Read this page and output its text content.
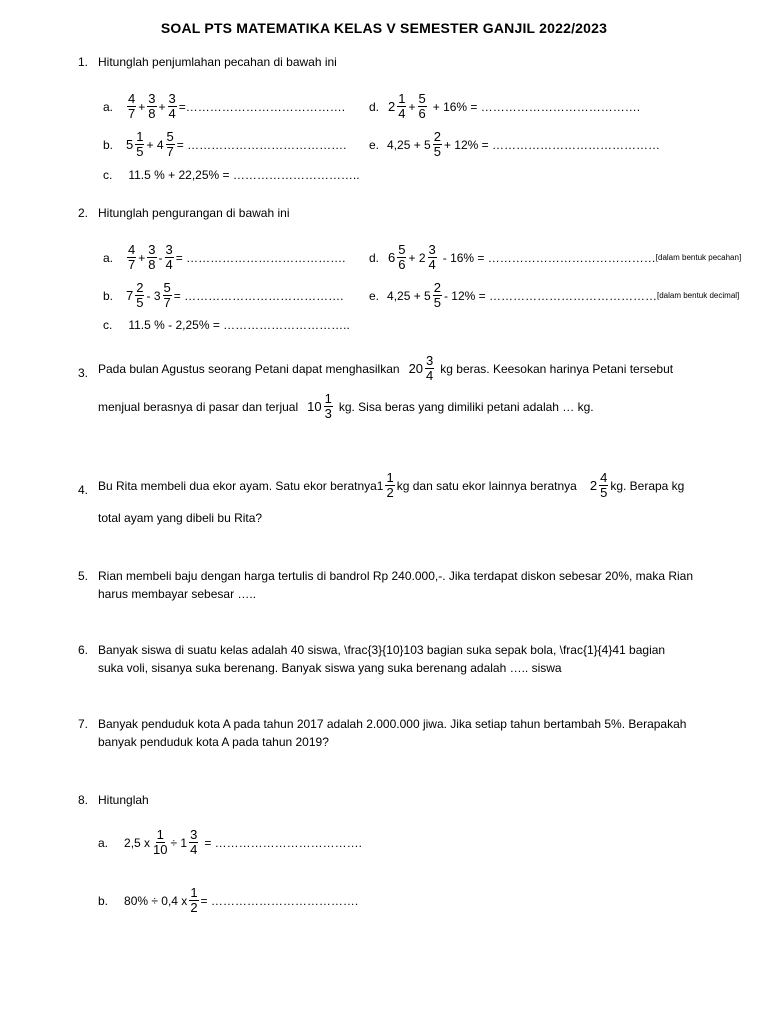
SOAL PTS MATEMATIKA KELAS V SEMESTER GANJIL 2022/2023
1. Hitunglah penjumlahan pecahan di bawah ini
a. $\frac{4}{7} + \frac{3}{8} + \frac{3}{4}$ =…………………………………. d. $2 \frac{1}{4} + \frac{5}{6} + 16\%$ = ………………………………….
b. $5 \frac{1}{5} + 4 \frac{5}{7}$ = …………………………………. e. $4,25 + 5 \frac{2}{5} + 12\%$ = ……………………………………
c. 11.5 % + 22,25% = …………………………..
2. Hitunglah pengurangan di bawah ini
a. $\frac{4}{7} + \frac{3}{8} - \frac{3}{4}$ = …………………………………. d. $6 \frac{5}{6} + 2 \frac{3}{4} - 16\%$ = …………………………………… [dalam bentuk pecahan]
b. $7 \frac{2}{5} - 3 \frac{5}{7}$ = …………………………………. e. $4,25 + 5 \frac{2}{5} - 12\%$ = …………………………………… [dalam bentuk decimal]
c. 11.5 % - 2,25% = …………………………..
3. Pada bulan Agustus seorang Petani dapat menghasilkan $20 \frac{3}{4}$ kg beras. Keesokan harinya Petani tersebut
menjual berasnya di pasar dan terjual $10 \frac{1}{3}$ kg. Sisa beras yang dimiliki petani adalah … kg.
4. Bu Rita membeli dua ekor ayam. Satu ekor beratnya1 $\frac{1}{2}$ kg dan satu ekor lainnya beratnya $2 \frac{4}{5}$ kg. Berapa kg
total ayam yang dibeli bu Rita?
5. Rian membeli baju dengan harga tertulis di bandrol Rp 240.000,-. Jika terdapat diskon sebesar 20%, maka Rian
harus membayar sebesar …..
6. Banyak siswa di suatu kelas adalah 40 siswa, \frac{3}{10}103 bagian suka sepak bola, \frac{1}{4}41 bagian
suka voli, sisanya suka berenang. Banyak siswa yang suka berenang adalah ….. siswa
7. Banyak penduduk kota A pada tahun 2017 adalah 2.000.000 jiwa. Jika setiap tahun bertambah 5%. Berapakah
banyak penduduk kota A pada tahun 2019?
8. Hitunglah
a. 2,5 x $\frac{1}{10} \div 1 \frac{3}{4}$ = ……………………………….
b. 80% ÷ 0,4 x $\frac{1}{2}$ = ……………………………….
